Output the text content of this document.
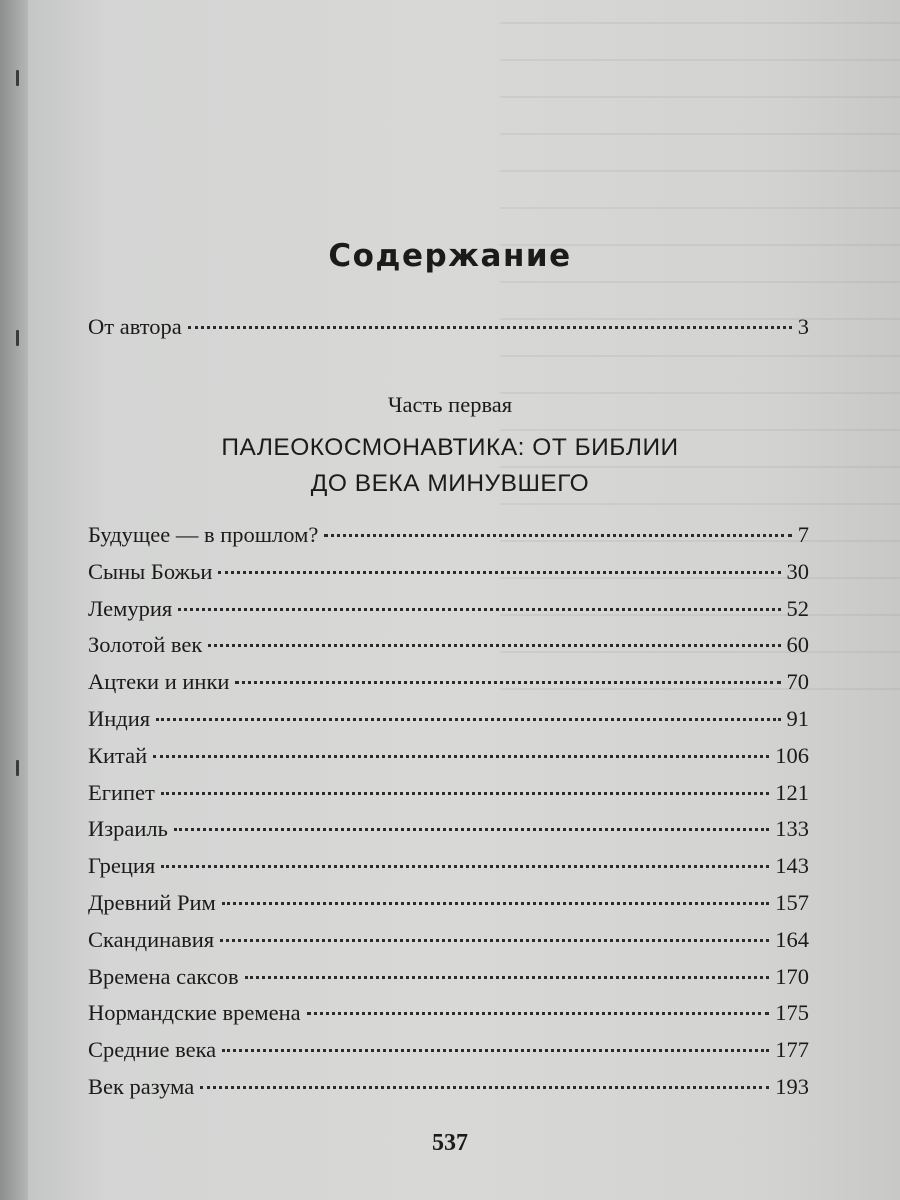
Содержание
От автора	3
Часть первая
ПАЛЕОКОСМОНАВТИКА: ОТ БИБЛИИ
ДО ВЕКА МИНУВШЕГО
Будущее — в прошлом?	7
Сыны Божьи	30
Лемурия	52
Золотой век	60
Ацтеки и инки	70
Индия	91
Китай	106
Египет	121
Израиль	133
Греция	143
Древний Рим	157
Скандинавия	164
Времена саксов	170
Нормандские времена	175
Средние века	177
Век разума	193
537
